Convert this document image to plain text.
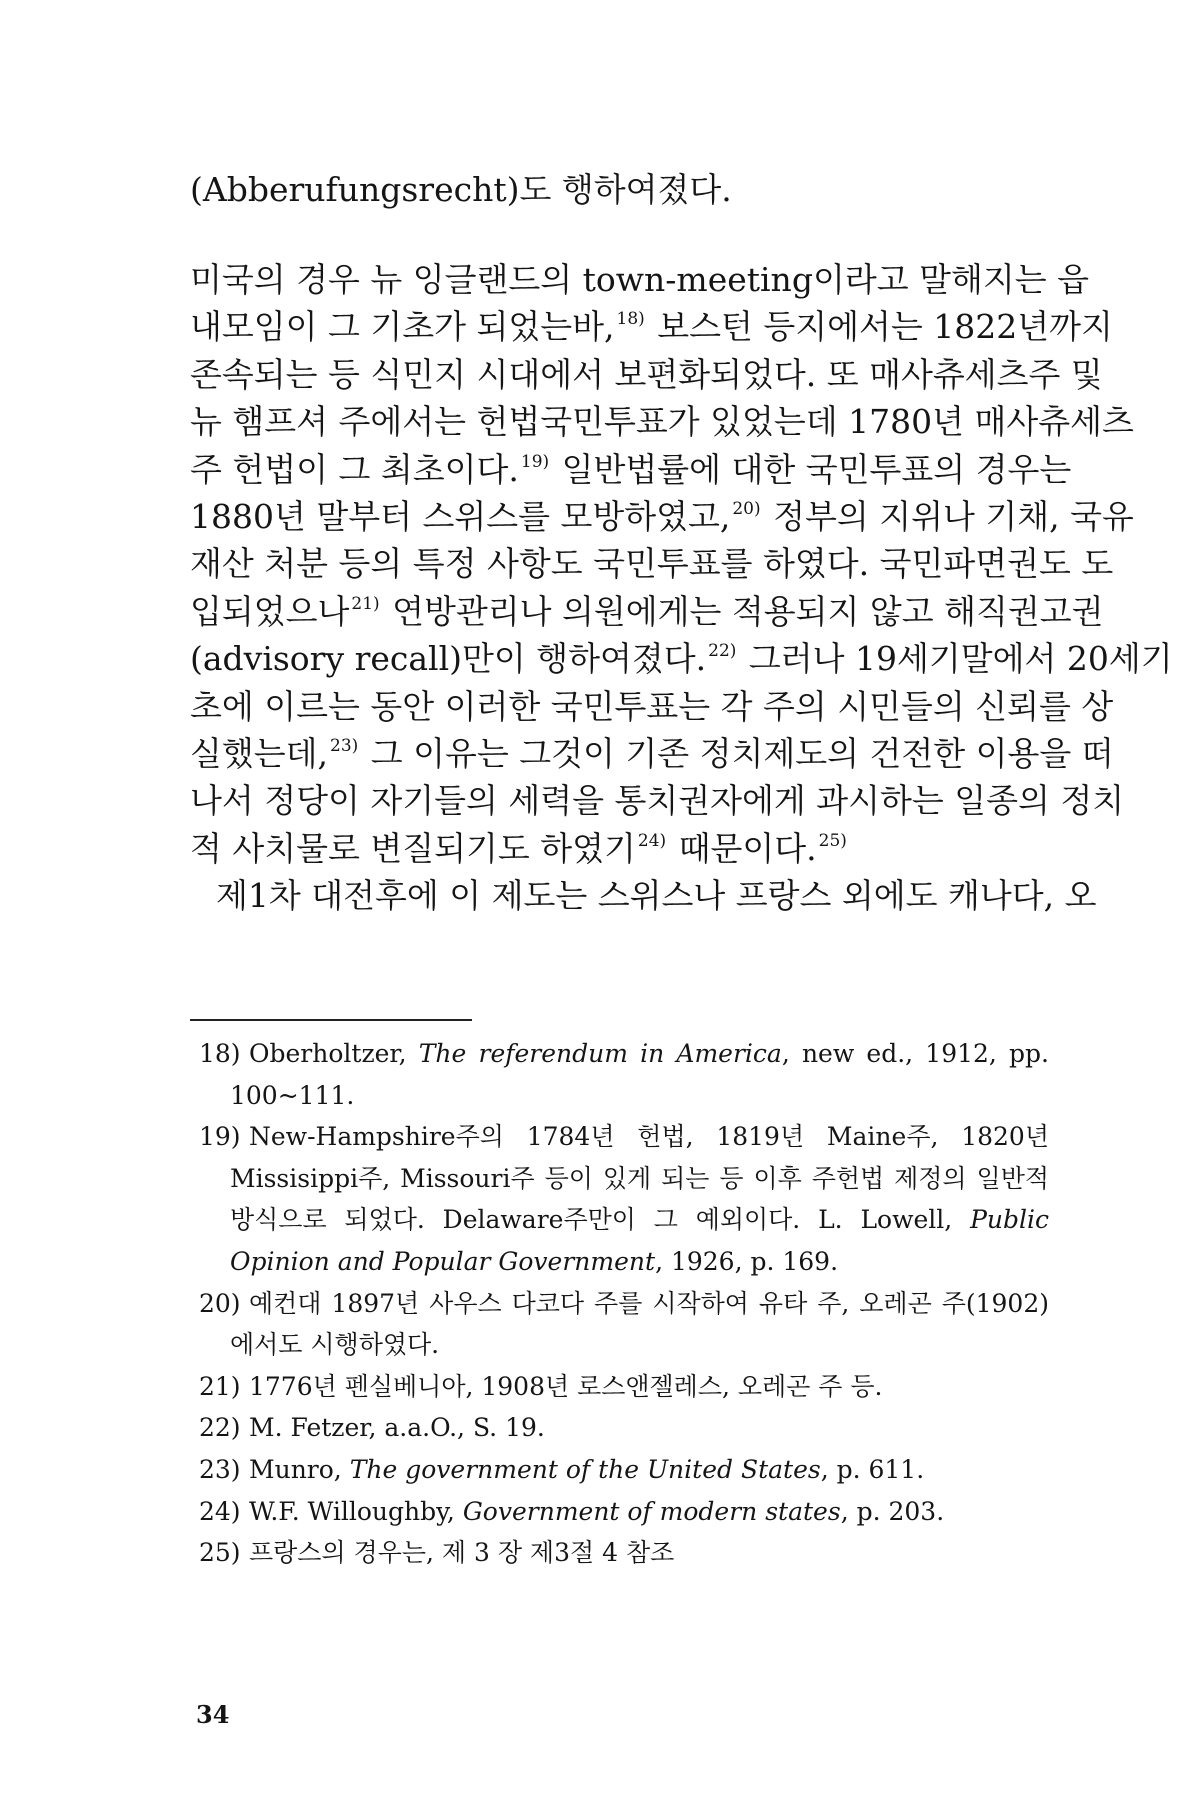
(Abberufungsrecht)도 행하여졌다.
미국의 경우 뉴 잉글랜드의 town-meeting이라고 말해지는 읍
내모임이 그 기초가 되었는바, $^{18)}$ 보스턴 등지에서는 1822년까지
존속되는 등 식민지 시대에서 보편화되었다. 또 매사츄세츠주 및
뉴 햄프셔 주에서는 헌법국민투표가 있었는데 1780년 매사츄세츠
주 헌법이 그 최초이다. $^{19)}$ 일반법률에 대한 국민투표의 경우는
1880년 말부터 스위스를 모방하였고, $^{20)}$ 정부의 지위나 기채, 국유
재산 처분 등의 특정 사항도 국민투표를 하였다. 국민파면권도 도
입되었으나 $^{21)}$ 연방관리나 의원에게는 적용되지 않고 해직권고권
(advisory recall)만이 행하여졌다. $^{22)}$ 그러나 19세기말에서 20세기
초에 이르는 동안 이러한 국민투표는 각 주의 시민들의 신뢰를 상
실했는데, $^{23)}$ 그 이유는 그것이 기존 정치제도의 건전한 이용을 떠
나서 정당이 자기들의 세력을 통치권자에게 과시하는 일종의 정치
적 사치물로 변질되기도 하였기 $^{24)}$ 때문이다. $^{25)}$
제1차 대전후에 이 제도는 스위스나 프랑스 외에도 캐나다, 오
18) Oberholtzer, The referendum in America, new ed., 1912, pp.
100~111.
19) New-Hampshire주의 1784년 헌법, 1819년 Maine주, 1820년
Missisippi주, Missouri주 등이 있게 되는 등 이후 주헌법 제정의 일반적
방식으로 되었다. Delaware주만이 그 예외이다. L. Lowell, Public
Opinion and Popular Government, 1926, p. 169.
20) 예컨대 1897년 사우스 다코다 주를 시작하여 유타 주, 오레곤 주(1902)
에서도 시행하였다.
21) 1776년 펜실베니아, 1908년 로스앤젤레스, 오레곤 주 등.
22) M. Fetzer, a.a.O., S. 19.
23) Munro, The government of the United States, p. 611.
24) W.F. Willoughby, Government of modern states, p. 203.
25) 프랑스의 경우는, 제 3 장 제3절 4 참조
34
